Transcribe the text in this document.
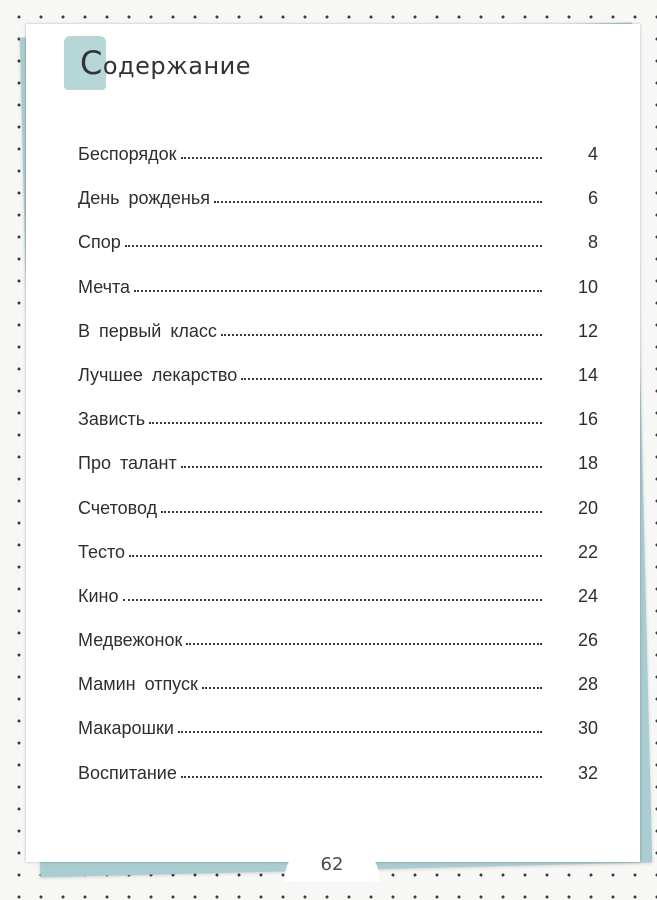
Содержание
Беспорядок	4
День рожденья	6
Спор	8
Мечта	10
В первый класс	12
Лучшее лекарство	14
Зависть	16
Про талант	18
Счетовод	20
Тесто	22
Кино	24
Медвежонок	26
Мамин отпуск	28
Макарошки	30
Воспитание	32
62
